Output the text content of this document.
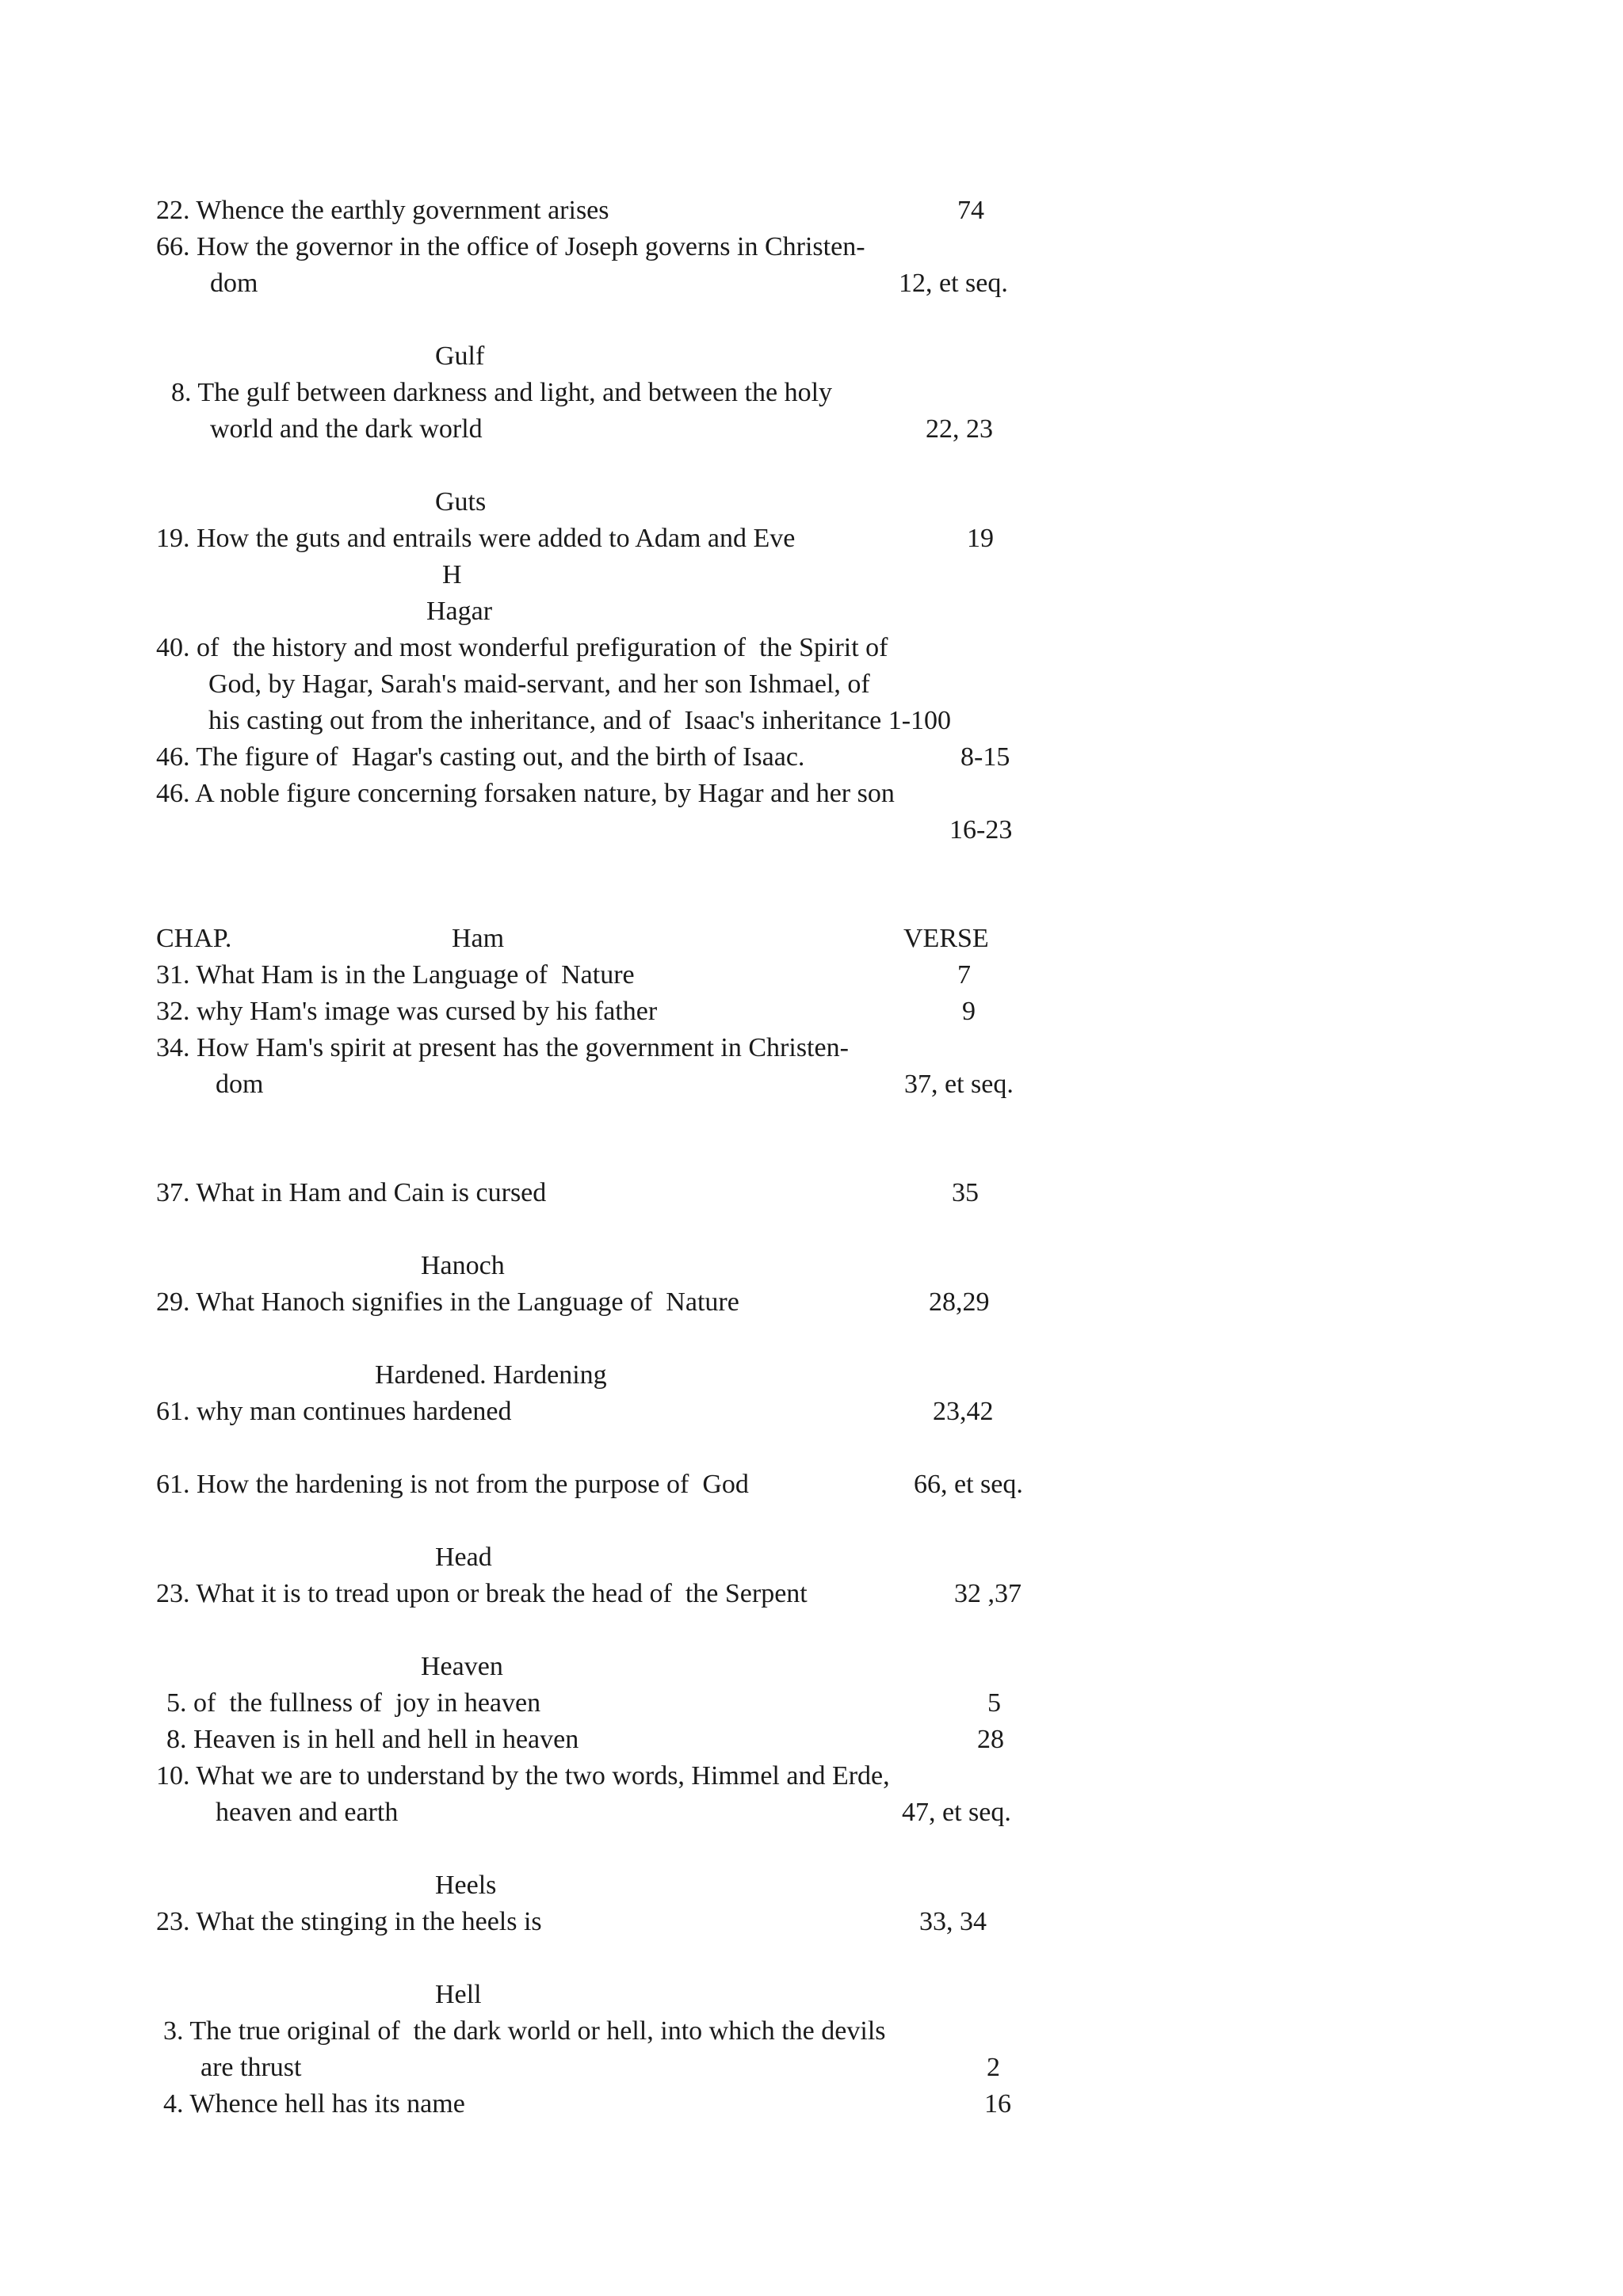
22. Whence the earthly government arises	74
66. How the governor in the office of Joseph governs in Christen-
dom	12, et seq.
Gulf
8. The gulf between darkness and light, and between the holy
world and the dark world	22, 23
Guts
19. How the guts and entrails were added to Adam and Eve	19
H
Hagar
40. of  the history and most wonderful prefiguration of  the Spirit of
God, by Hagar, Sarah's maid-servant, and her son Ishmael, of
his casting out from the inheritance, and of  Isaac's inheritance 1-100
46. The figure of  Hagar's casting out, and the birth of Isaac.	8-15
46. A noble figure concerning forsaken nature, by Hagar and her son
16-23
CHAP.	Ham	VERSE
31. What Ham is in the Language of  Nature	7
32. why Ham's image was cursed by his father	9
34. How Ham's spirit at present has the government in Christen-
dom	37, et seq.
37. What in Ham and Cain is cursed	35
Hanoch
29. What Hanoch signifies in the Language of  Nature	28,29
Hardened. Hardening
61. why man continues hardened	23,42
61. How the hardening is not from the purpose of  God	66, et seq.
Head
23. What it is to tread upon or break the head of  the Serpent	32 ,37
Heaven
5. of  the fullness of  joy in heaven	5
8. Heaven is in hell and hell in heaven	28
10. What we are to understand by the two words, Himmel and Erde,
heaven and earth	47, et seq.
Heels
23. What the stinging in the heels is	33, 34
Hell
3. The true original of  the dark world or hell, into which the devils
are thrust	2
4. Whence hell has its name	16
